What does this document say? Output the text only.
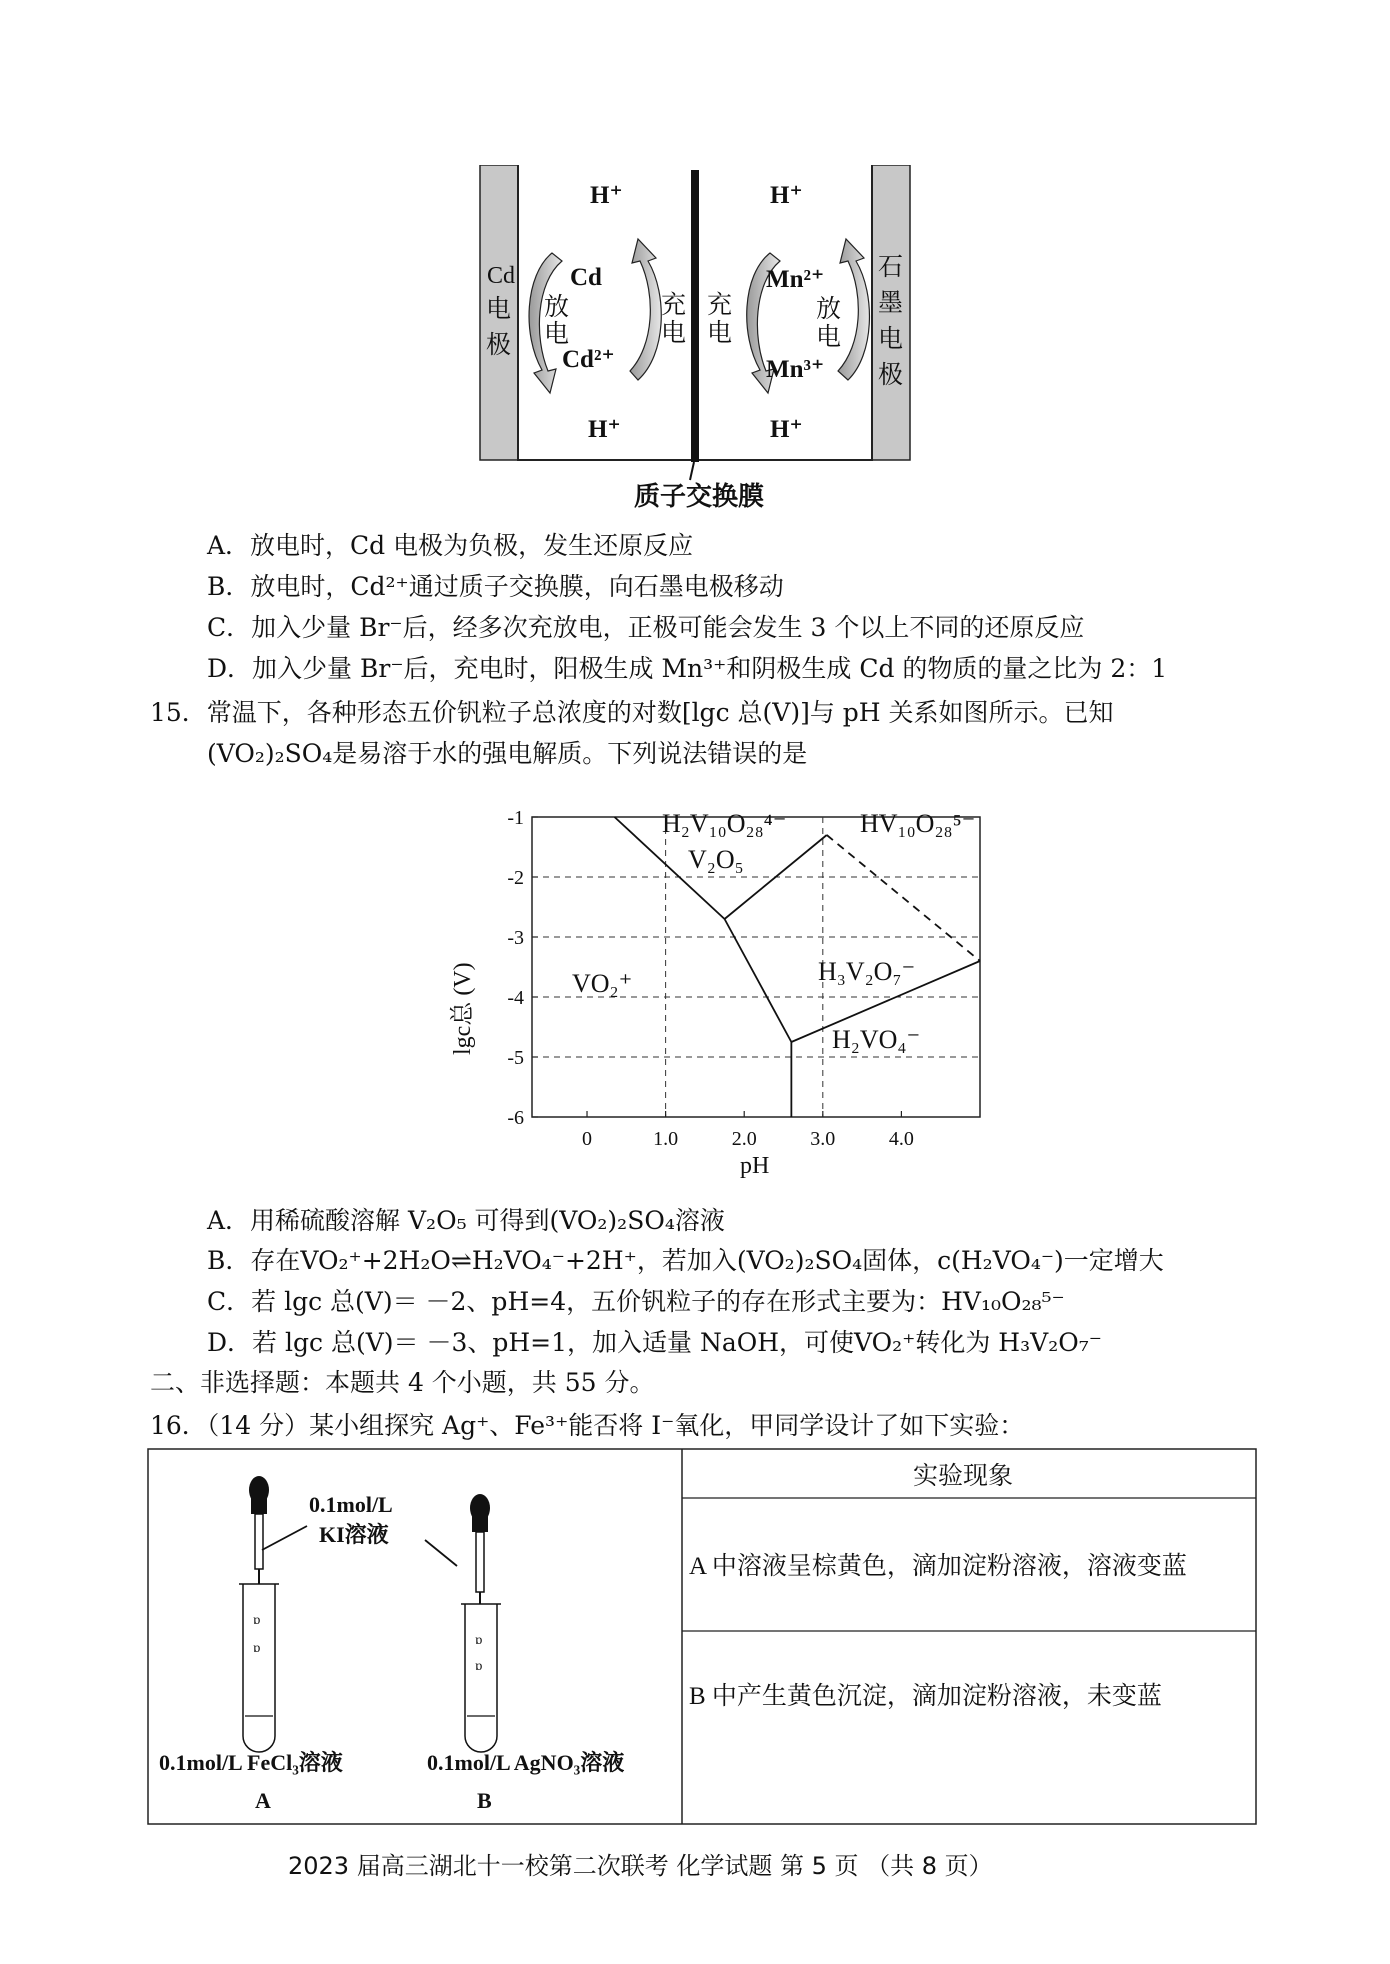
H⁺	H⁺
H⁺	H⁺
Cd
电
极
石
墨
电
极
Cd
Cd²⁺
放
电
充
电
充
电
Mn²⁺
Mn³⁺
放
电
质子交换膜
A．放电时，Cd 电极为负极，发生还原反应
B．放电时，Cd²⁺通过质子交换膜，向石墨电极移动
C．加入少量 Br⁻后，经多次充放电，正极可能会发生 3 个以上不同的还原反应
D．加入少量 Br⁻后，充电时，阳极生成 Mn³⁺和阴极生成 Cd 的物质的量之比为 2：1
15．常温下，各种形态五价钒粒子总浓度的对数[lgc 总(V)]与 pH 关系如图所示。已知
(VO₂)₂SO₄是易溶于水的强电解质。下列说法错误的是
-1
-2
-3
-4
-5
-6
0	1.0	2.0	3.0	4.0
H₂V₁₀O₂₈⁴⁻
V₂O₅
HV₁₀O₂₈⁵⁻
VO₂⁺	H₃V₂O₇⁻
H₂VO₄⁻
lgc总 (V)
pH
A．用稀硫酸溶解 V₂O₅ 可得到(VO₂)₂SO₄溶液
B．存在VO₂⁺+2H₂O⇌H₂VO₄⁻+2H⁺，若加入(VO₂)₂SO₄固体，c(H₂VO₄⁻)一定增大
C．若 lgc 总(V)＝ －2、pH=4，五价钒粒子的存在形式主要为：HV₁₀O₂₈⁵⁻
D．若 lgc 总(V)＝ －3、pH=1，加入适量 NaOH，可使VO₂⁺转化为 H₃V₂O₇⁻
二、非选择题：本题共 4 个小题，共 55 分。
16．（14 分）某小组探究 Ag⁺、Fe³⁺能否将 I⁻氧化，甲同学设计了如下实验：
ɒ
ɒ
ɒ
ɒ
0.1mol/L
KI溶液
0.1mol/L FeCl₃溶液
A
0.1mol/L AgNO₃溶液
B
实验现象
A 中溶液呈棕黄色，滴加淀粉溶液，溶液变蓝
B 中产生黄色沉淀，滴加淀粉溶液，未变蓝
2023 届高三湖北十一校第二次联考 化学试题 第 5 页 （共 8 页）
